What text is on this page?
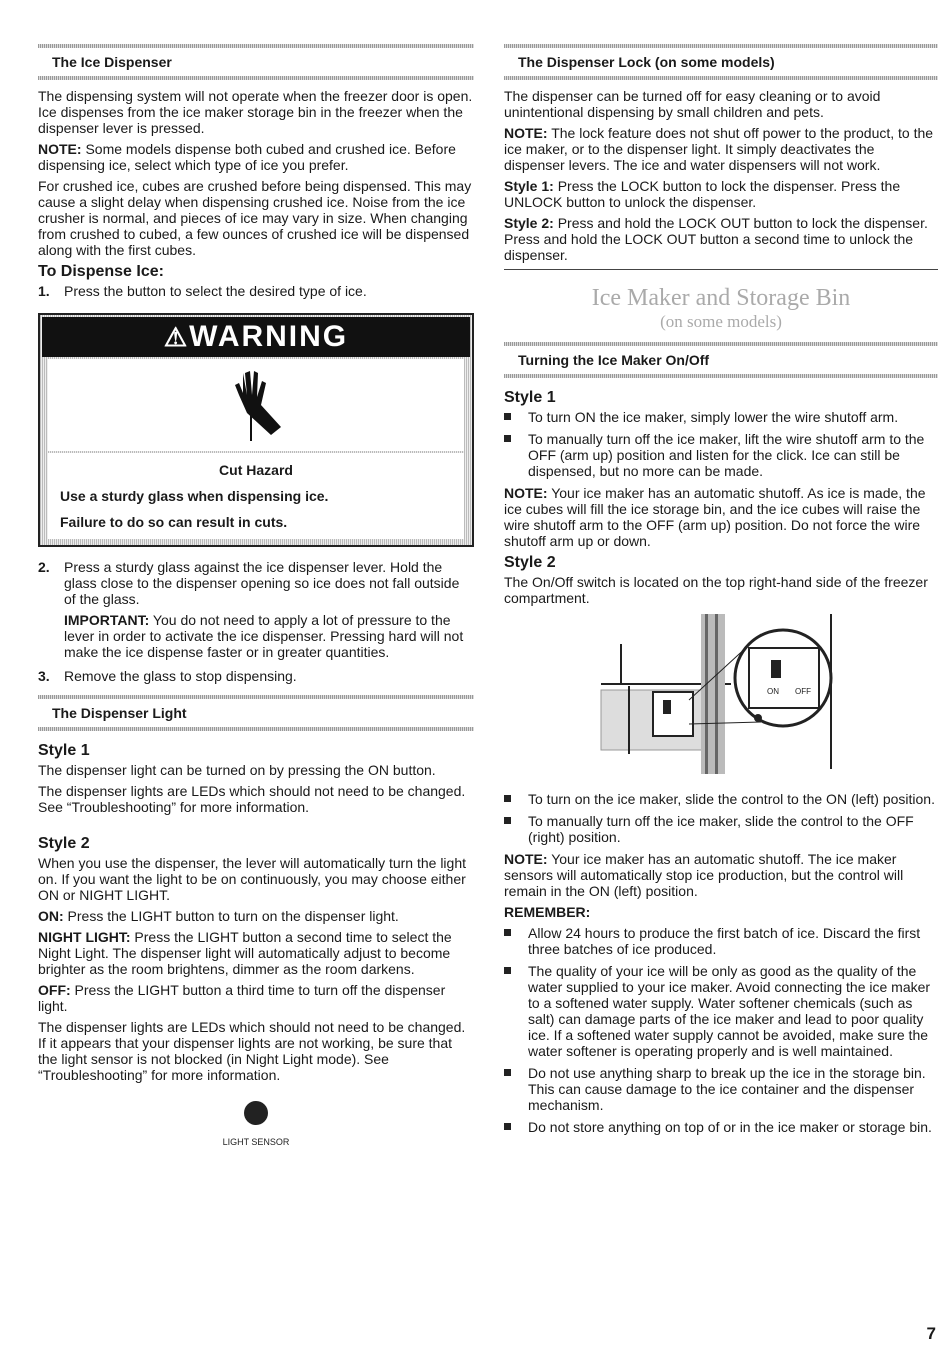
The Ice Dispenser

The dispensing system will not operate when the freezer door is open. Ice dispenses from the ice maker storage bin in the freezer when the dispenser lever is pressed.

NOTE: Some models dispense both cubed and crushed ice. Before dispensing ice, select which type of ice you prefer.

For crushed ice, cubes are crushed before being dispensed. This may cause a slight delay when dispensing crushed ice. Noise from the ice crusher is normal, and pieces of ice may vary in size. When changing from crushed to cubed, a few ounces of crushed ice will be dispensed along with the first cubes.

To Dispense Ice:
1.	Press the button to select the desired type of ice.
⚠WARNING
Cut Hazard
Use a sturdy glass when dispensing ice.
Failure to do so can result in cuts.
2.	Press a sturdy glass against the ice dispenser lever. Hold the glass close to the dispenser opening so ice does not fall outside of the glass.

IMPORTANT: You do not need to apply a lot of pressure to the lever in order to activate the ice dispenser. Pressing hard will not make the ice dispense faster or in greater quantities.

3.	Remove the glass to stop dispensing.
The Dispenser Light
Style 1

The dispenser light can be turned on by pressing the ON button.

The dispenser lights are LEDs which should not need to be changed. See “Troubleshooting” for more information.

Style 2

When you use the dispenser, the lever will automatically turn the light on. If you want the light to be on continuously, you may choose either ON or NIGHT LIGHT.

ON: Press the LIGHT button to turn on the dispenser light.

NIGHT LIGHT: Press the LIGHT button a second time to select the Night Light. The dispenser light will automatically adjust to become brighter as the room brightens, dimmer as the room darkens.

OFF: Press the LIGHT button a third time to turn off the dispenser light.

The dispenser lights are LEDs which should not need to be changed. If it appears that your dispenser lights are not working, be sure that the light sensor is not blocked (in Night Light mode). See “Troubleshooting” for more information.

LIGHT SENSOR
The Dispenser Lock (on some models)

The dispenser can be turned off for easy cleaning or to avoid unintentional dispensing by small children and pets.

NOTE: The lock feature does not shut off power to the product, to the ice maker, or to the dispenser light. It simply deactivates the dispenser levers. The ice and water dispensers will not work.

Style 1: Press the LOCK button to lock the dispenser. Press the UNLOCK button to unlock the dispenser.

Style 2: Press and hold the LOCK OUT button to lock the dispenser. Press and hold the LOCK OUT button a second time to unlock the dispenser.

Ice Maker and Storage Bin
(on some models)
Turning the Ice Maker On/Off
Style 1
To turn ON the ice maker, simply lower the wire shutoff arm.
To manually turn off the ice maker, lift the wire shutoff arm to the OFF (arm up) position and listen for the click. Ice can still be dispensed, but no more can be made.

NOTE: Your ice maker has an automatic shutoff. As ice is made, the ice cubes will fill the ice storage bin, and the ice cubes will raise the wire shutoff arm to the OFF (arm up) position. Do not force the wire shutoff arm up or down.

Style 2

The On/Off switch is located on the top right-hand side of the freezer compartment.

ON OFF
To turn on the ice maker, slide the control to the ON (left) position.
To manually turn off the ice maker, slide the control to the OFF (right) position.

NOTE: Your ice maker has an automatic shutoff. The ice maker sensors will automatically stop ice production, but the control will remain in the ON (left) position.

REMEMBER:

Allow 24 hours to produce the first batch of ice. Discard the first three batches of ice produced.
The quality of your ice will be only as good as the quality of the water supplied to your ice maker. Avoid connecting the ice maker to a softened water supply. Water softener chemicals (such as salt) can damage parts of the ice maker and lead to poor quality ice. If a softened water supply cannot be avoided, make sure the water softener is operating properly and is well maintained.
Do not use anything sharp to break up the ice in the storage bin. This can cause damage to the ice container and the dispenser mechanism.
Do not store anything on top of or in the ice maker or storage bin.
7
